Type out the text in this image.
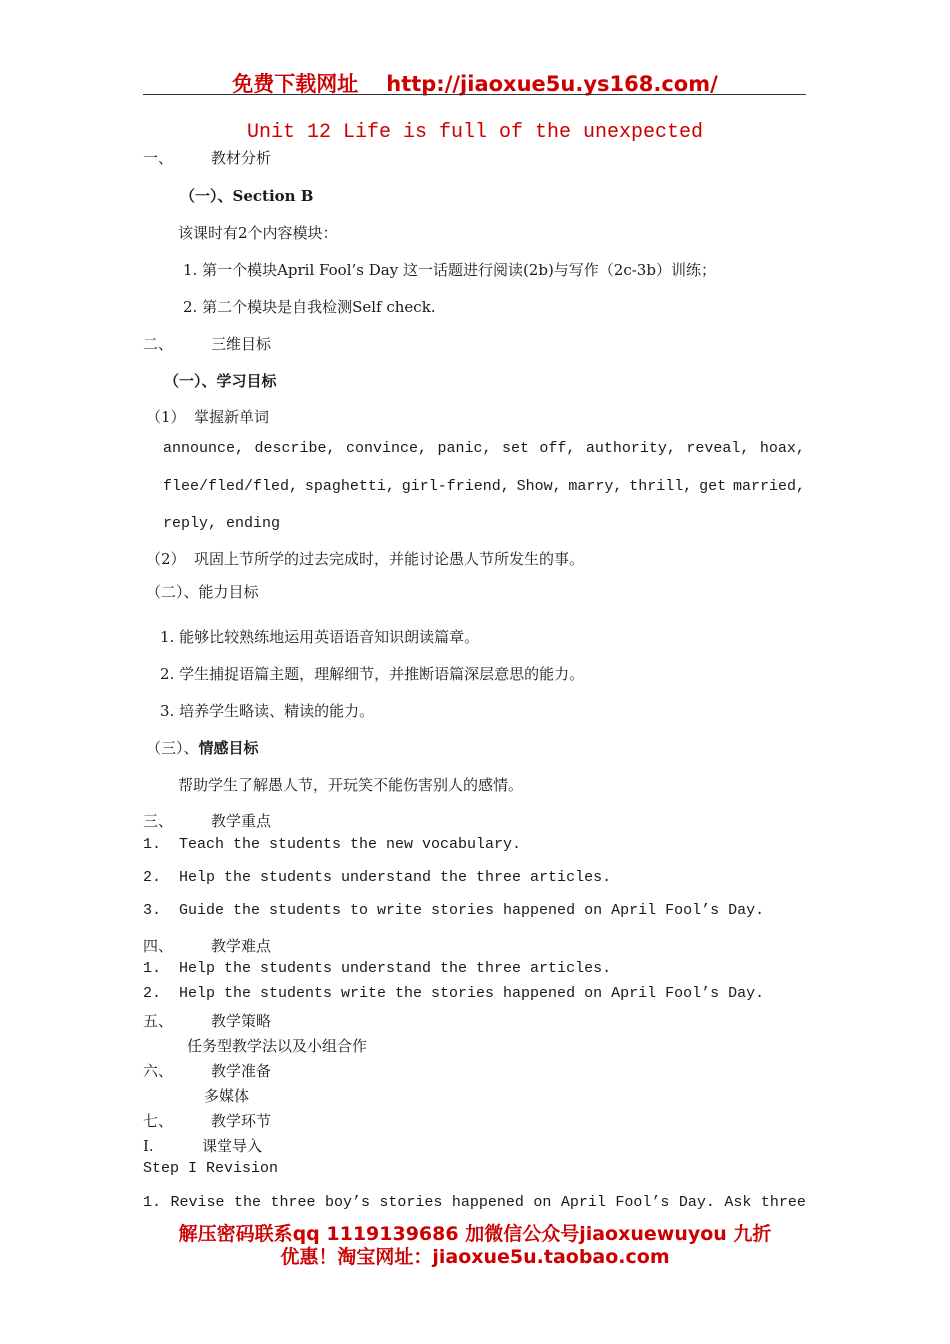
免费下载网址 http://jiaoxue5u.ys168.com/
Unit 12 Life is full of the unexpected
一、	教材分析
（一）、Section B
该课时有2个内容模块：
1. 第一个模块April Fool’s Day 这一话题进行阅读(2b)与写作（2c-3b）训练；
2. 第二个模块是自我检测Self check.
二、	三维目标
（一）、学习目标
（1） 掌握新单词
announce, describe, convince, panic, set off, authority, reveal, hoax,
flee/fled/fled, spaghetti, girl-friend, Show, marry, thrill, get married,
reply, ending
（2） 巩固上节所学的过去完成时，并能讨论愚人节所发生的事。
（二）、能力目标
1. 能够比较熟练地运用英语语音知识朗读篇章。
2. 学生捕捉语篇主题，理解细节，并推断语篇深层意思的能力。
3. 培养学生略读、精读的能力。
（三）、情感目标
帮助学生了解愚人节，开玩笑不能伤害别人的感情。
三、	教学重点
1. Teach the students the new vocabulary.
2. Help the students understand the three articles.
3. Guide the students to write stories happened on April Fool’s Day.
四、	教学难点
1. Help the students understand the three articles.
2. Help the students write the stories happened on April Fool’s Day.
五、	教学策略
任务型教学法以及小组合作
六、	教学准备
多媒体
七、	教学环节
I.	课堂导入
Step I Revision
1. Revise the three boy’s stories happened on April Fool’s Day. Ask three
解压密码联系qq 1119139686 加微信公众号jiaoxuewuyou 九折
优惠！淘宝网址：jiaoxue5u.taobao.com
